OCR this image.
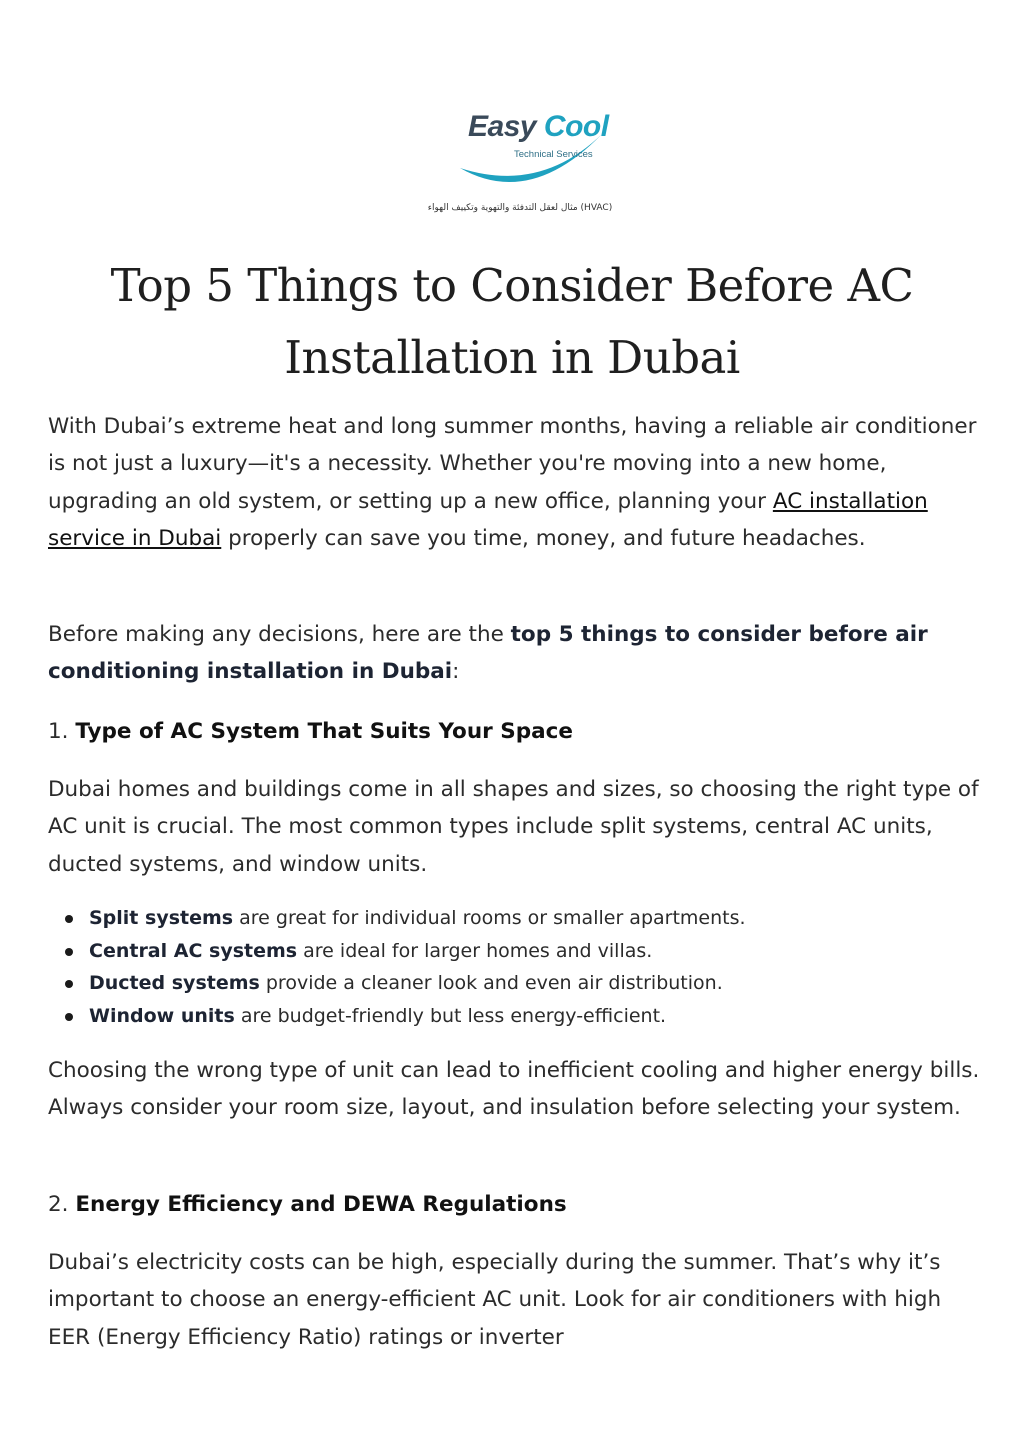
Easy Cool
Technical Services
مثال لعقل التدفئة والتهوية وتكييف الهواء (HVAC)
Top 5 Things to Consider Before AC Installation in Dubai

With Dubai’s extreme heat and long summer months, having a reliable air conditioner is not just a luxury—it's a necessity. Whether you're moving into a new home, upgrading an old system, or setting up a new office, planning your AC installation service in Dubai properly can save you time, money, and future headaches.

Before making any decisions, here are the top 5 things to consider before air conditioning installation in Dubai:

1. Type of AC System That Suits Your Space

Dubai homes and buildings come in all shapes and sizes, so choosing the right type of AC unit is crucial. The most common types include split systems, central AC units, ducted systems, and window units.

Split systems are great for individual rooms or smaller apartments.
Central AC systems are ideal for larger homes and villas.
Ducted systems provide a cleaner look and even air distribution.
Window units are budget-friendly but less energy-efficient.

Choosing the wrong type of unit can lead to inefficient cooling and higher energy bills. Always consider your room size, layout, and insulation before selecting your system.

2. Energy Efficiency and DEWA Regulations

Dubai’s electricity costs can be high, especially during the summer. That’s why it’s important to choose an energy-efficient AC unit. Look for air conditioners with high EER (Energy Efficiency Ratio) ratings or inverter
